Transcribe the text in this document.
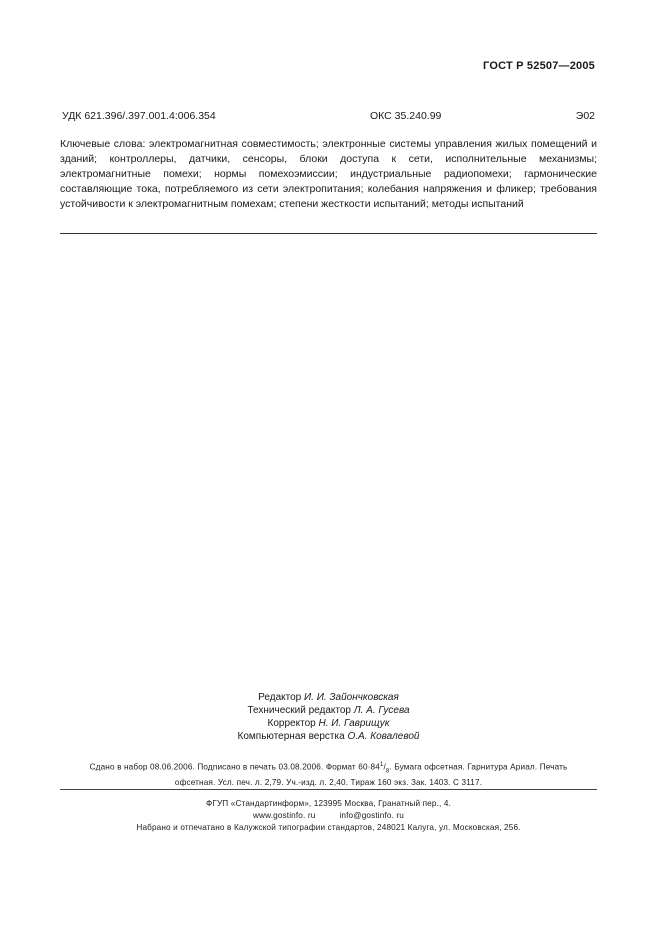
ГОСТ Р 52507—2005
УДК 621.396/.397.001.4:006.354	ОКС 35.240.99	Э02
Ключевые слова: электромагнитная совместимость; электронные системы управления жилых помещений и зданий; контроллеры, датчики, сенсоры, блоки доступа к сети, исполнительные механизмы; электромагнитные помехи; нормы помехоэмиссии; индустриальные радиопомехи; гармонические составляющие тока, потребляемого из сети электропитания; колебания напряжения и фликер; требования устойчивости к электромагнитным помехам; степени жесткости испытаний; методы испытаний
Редактор И. И. Зайончковская
Технический редактор Л. А. Гусева
Корректор Н. И. Гаврищук
Компьютерная верстка О.А. Ковалевой
Сдано в набор 08.06.2006. Подписано в печать 03.08.2006. Формат $60\cdot 84^1/_8$. Бумага офсетная. Гарнитура Ариал. Печать
офсетная. Усл. печ. л. 2,79. Уч.-изд. л. 2,40. Тираж 160 экз. Зак. 1403. С 3117.
ФГУП «Стандартинформ», 123995 Москва, Гранатный пер., 4.
www.gostinfo. ru	info@gostinfo. ru
Набрано и отпечатано в Калужской типографии стандартов, 248021 Калуга, ул. Московская, 256.
